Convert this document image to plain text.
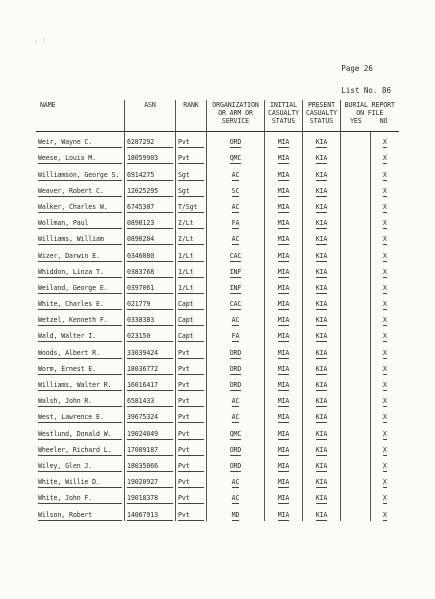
· '
Page 26
List No. 86
NAME	ASN	RANK	ORGANIZATION OR ARM OR SERVICE	INITIAL CASUALTY STATUS	PRESENT CASUALTY STATUS	BURIAL REPORT ON FILE
YES NO	

Weir, Wayne C.	6287292	Pvt	ORD	MIA	KIA		X
Weese, Louis M.	18059903	Pvt	QMC	MIA	KIA		X
Williamson, George S.	6914275	Sgt	AC	MIA	KIA		X
Weaver, Robert C.	12025295	Sgt	SC	MIA	KIA		X
Walker, Charles W.	6745307	T/Sgt	AC	MIA	KIA		X
Wollman, Paul	0890123	2/Lt	FA	MIA	KIA		X
Williams, William	0890204	2/Lt	AC	MIA	KIA		X
Wizer, Darwin E.	0346080	1/Lt	CAC	MIA	KIA		X
Whiddon, Linza T.	0383768	1/Lt	INF	MIA	KIA		X
Weiland, George E.	0397061	1/Lt	INF	MIA	KIA		X
White, Charles E.	021779	Capt	CAC	MIA	KIA		X
Wetzel, Kenneth F.	0338383	Capt	AC	MIA	KIA		X
Wald, Walter I.	023150	Capt	FA	MIA	KIA		X
Woods, Albert R.	33039424	Pvt	ORD	MIA	KIA		X
Worm, Ernest E.	18036772	Pvt	ORD	MIA	KIA		X
Williams, Walter R.	16016417	Pvt	ORD	MIA	KIA		X
Walsh, John R.	6581433	Pvt	AC	MIA	KIA		X
West, Lawrence E.	39675324	Pvt	AC	MIA	KIA		X
Westlund, Donald W.	19024049	Pvt	QMC	MIA	KIA		X
Wheeler, Richard L.	17009187	Pvt	ORD	MIA	KIA		X
Wiley, Glen J.	18035066	Pvt	ORD	MIA	KIA		X
White, Willie D.	19020927	Pvt	AC	MIA	KIA		X
White, John F.	19018378	Pvt	AC	MIA	KIA		X
Wilson, Robert	14067913	Pvt	MD	MIA	KIA		X
